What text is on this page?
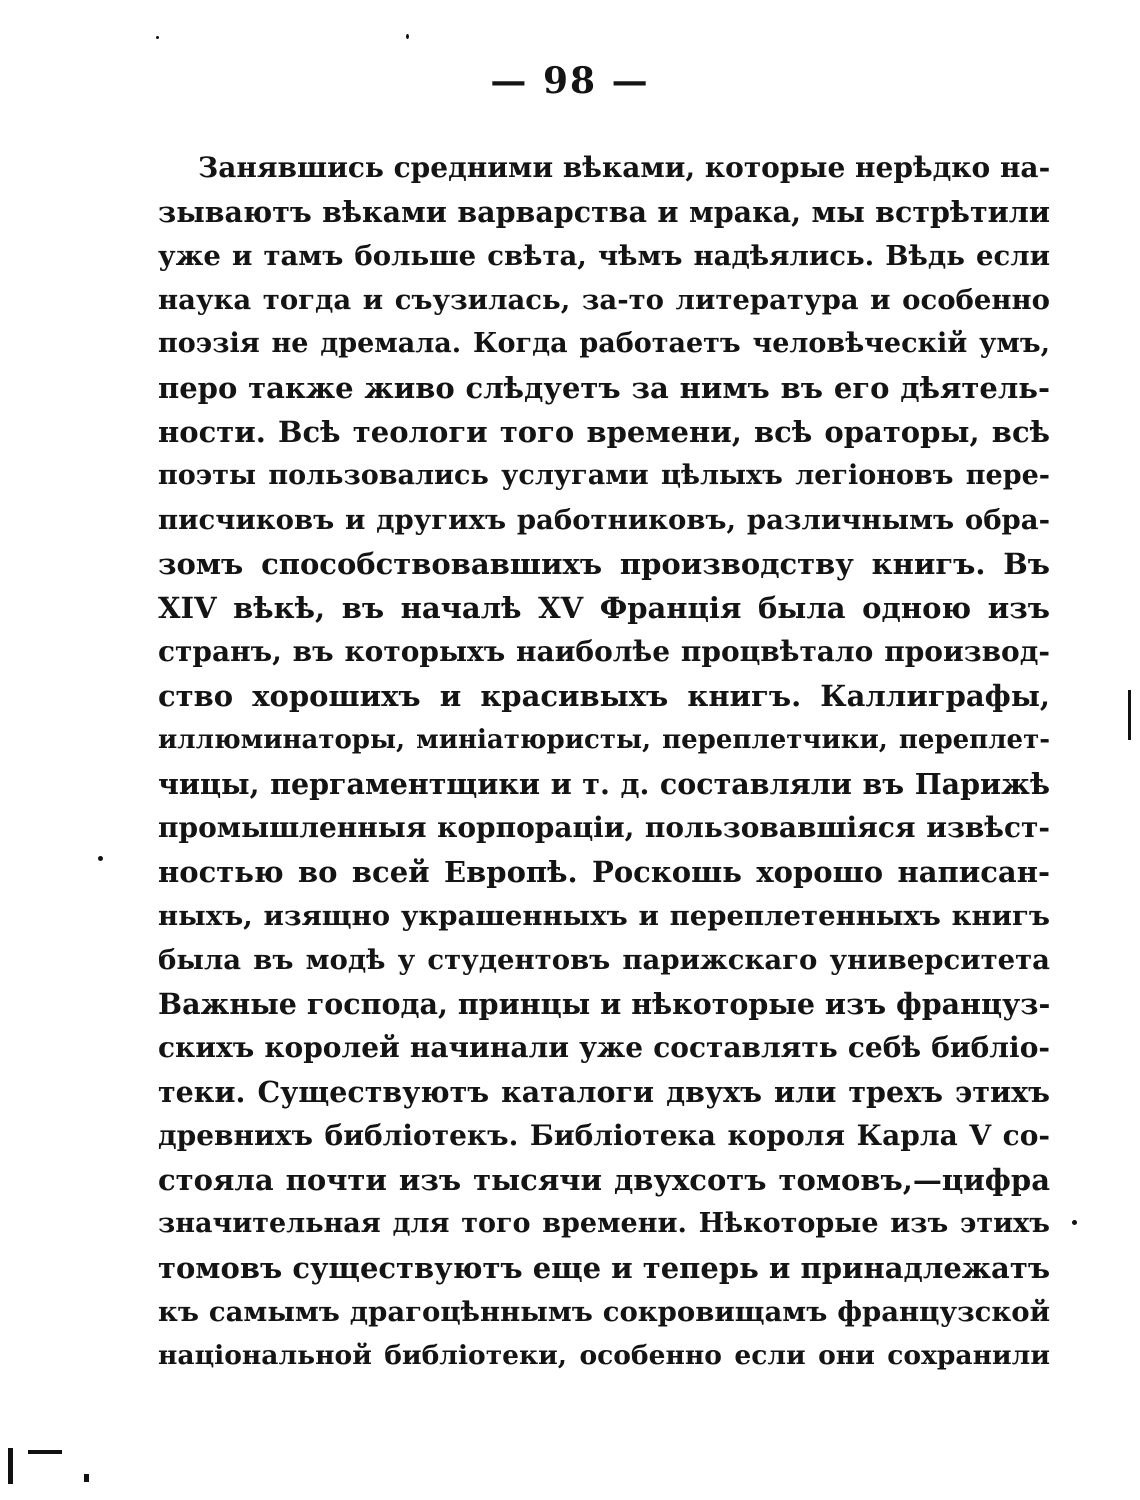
— 98 —
Занявшись средними вѣками, которые нерѣдко на-
зываютъ вѣками варварства и мрака, мы встрѣтили
уже и тамъ больше свѣта, чѣмъ надѣялись. Вѣдь если
наука тогда и съузилась, за-то литература и особенно
поэзія не дремала. Когда работаетъ человѣческій умъ,
перо также живо слѣдуетъ за нимъ въ его дѣятель-
ности. Всѣ теологи того времени, всѣ ораторы, всѣ
поэты пользовались услугами цѣлыхъ легіоновъ пере-
писчиковъ и другихъ работниковъ, различнымъ обра-
зомъ способствовавшихъ производству книгъ. Въ
XIV вѣкѣ, въ началѣ XV Франція была одною изъ
странъ, въ которыхъ наиболѣе процвѣтало производ-
ство хорошихъ и красивыхъ книгъ. Каллиграфы,
иллюминаторы, миніатюристы, переплетчики, переплет-
чицы, пергаментщики и т. д. составляли въ Парижѣ
промышленныя корпораціи, пользовавшіяся извѣст-
ностью во всей Европѣ. Роскошь хорошо написан-
ныхъ, изящно украшенныхъ и переплетенныхъ книгъ
была въ модѣ у студентовъ парижскаго университета
Важные господа, принцы и нѣкоторые изъ француз-
скихъ королей начинали уже составлять себѣ библіо-
теки. Существуютъ каталоги двухъ или трехъ этихъ
древнихъ библіотекъ. Библіотека короля Карла V со-
стояла почти изъ тысячи двухсотъ томовъ,—цифра
значительная для того времени. Нѣкоторые изъ этихъ
томовъ существуютъ еще и теперь и принадлежатъ
къ самымъ драгоцѣннымъ сокровищамъ французской
національной библіотеки, особенно если они сохранили
